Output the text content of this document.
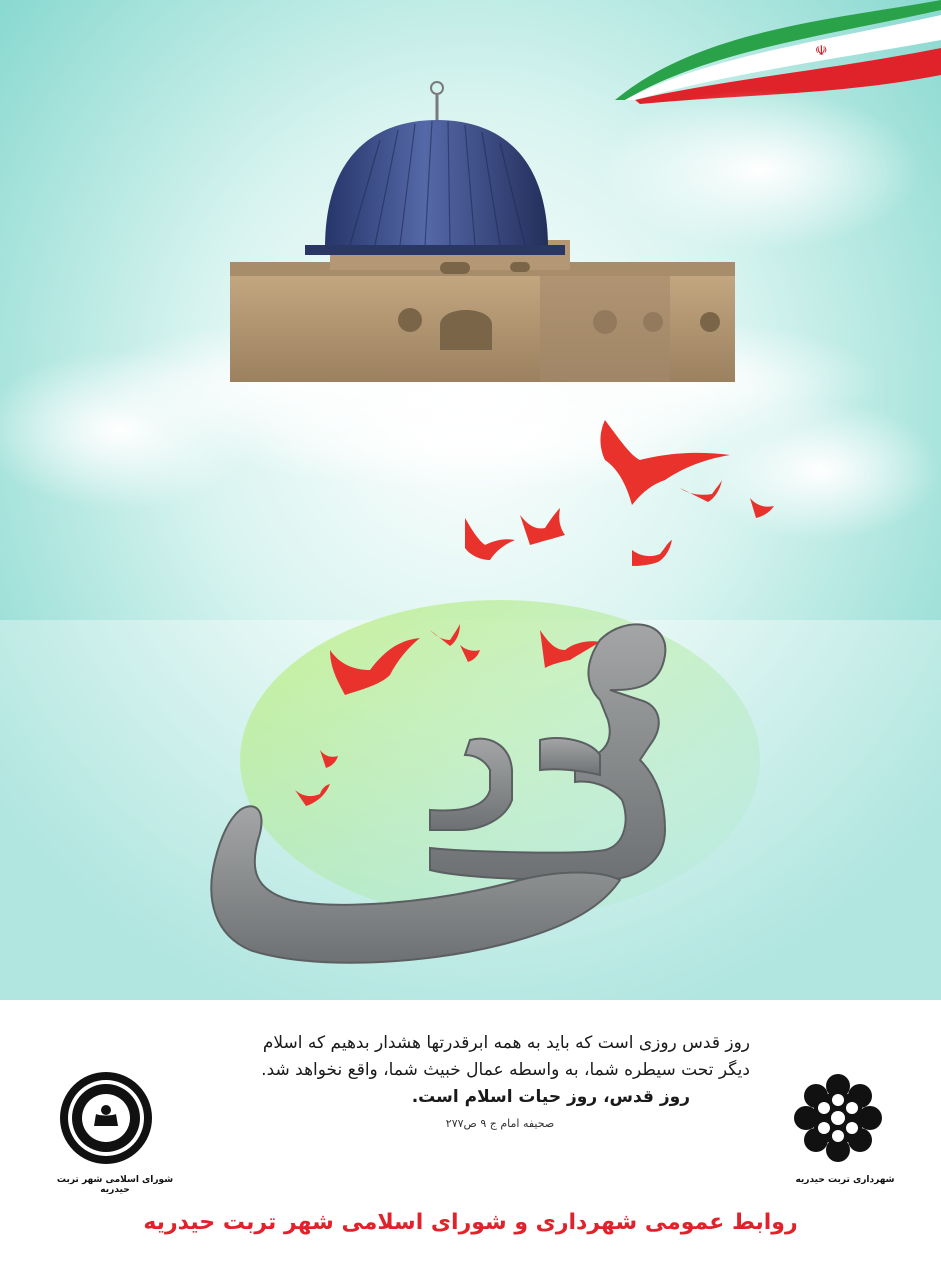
☫
روز قدس روزی است که باید به همه ابرقدرتها هشدار بدهیم که اسلام
دیگر تحت سیطره شما، به واسطه عمال خبیث شما، واقع نخواهد شد.
روز قدس، روز حیات اسلام است.
صحیفه امام ج ۹ ص۲۷۷
شورای اسلامی شهر تربت حیدریه
شهرداری تربت حیدریه
روابط عمومی شهرداری و شورای اسلامی شهر تربت حیدریه
